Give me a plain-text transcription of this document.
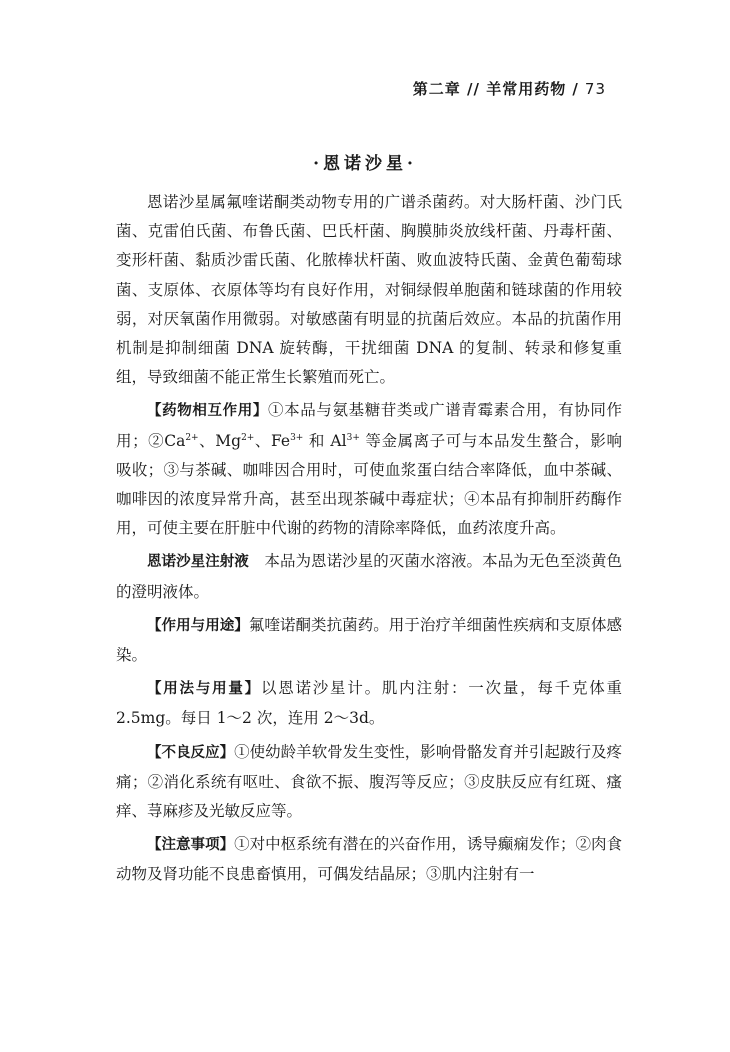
第二章 // 羊常用药物 / 73
·恩诺沙星·

恩诺沙星属氟喹诺酮类动物专用的广谱杀菌药。对大肠杆菌、沙门氏菌、克雷伯氏菌、布鲁氏菌、巴氏杆菌、胸膜肺炎放线杆菌、丹毒杆菌、变形杆菌、黏质沙雷氏菌、化脓棒状杆菌、败血波特氏菌、金黄色葡萄球菌、支原体、衣原体等均有良好作用，对铜绿假单胞菌和链球菌的作用较弱，对厌氧菌作用微弱。对敏感菌有明显的抗菌后效应。本品的抗菌作用机制是抑制细菌 DNA 旋转酶，干扰细菌 DNA 的复制、转录和修复重组，导致细菌不能正常生长繁殖而死亡。

【药物相互作用】①本品与氨基糖苷类或广谱青霉素合用，有协同作用；$②Ca^{2+}$、$Mg^{2+}$、$Fe^{3+}$ 和 $Al^{3+}$ 等金属离子可与本品发生螯合，影响吸收；③与茶碱、咖啡因合用时，可使血浆蛋白结合率降低，血中茶碱、咖啡因的浓度异常升高，甚至出现茶碱中毒症状；④本品有抑制肝药酶作用，可使主要在肝脏中代谢的药物的清除率降低，血药浓度升高。

恩诺沙星注射液　本品为恩诺沙星的灭菌水溶液。本品为无色至淡黄色的澄明液体。

【作用与用途】氟喹诺酮类抗菌药。用于治疗羊细菌性疾病和支原体感染。

【用法与用量】以恩诺沙星计。肌内注射：一次量，每千克体重 2.5mg。每日 1～2 次，连用 2～3d。

【不良反应】①使幼龄羊软骨发生变性，影响骨骼发育并引起跛行及疼痛；②消化系统有呕吐、食欲不振、腹泻等反应；③皮肤反应有红斑、瘙痒、荨麻疹及光敏反应等。

【注意事项】①对中枢系统有潜在的兴奋作用，诱导癫痫发作；②肉食动物及肾功能不良患畜慎用，可偶发结晶尿；③肌内注射有一
